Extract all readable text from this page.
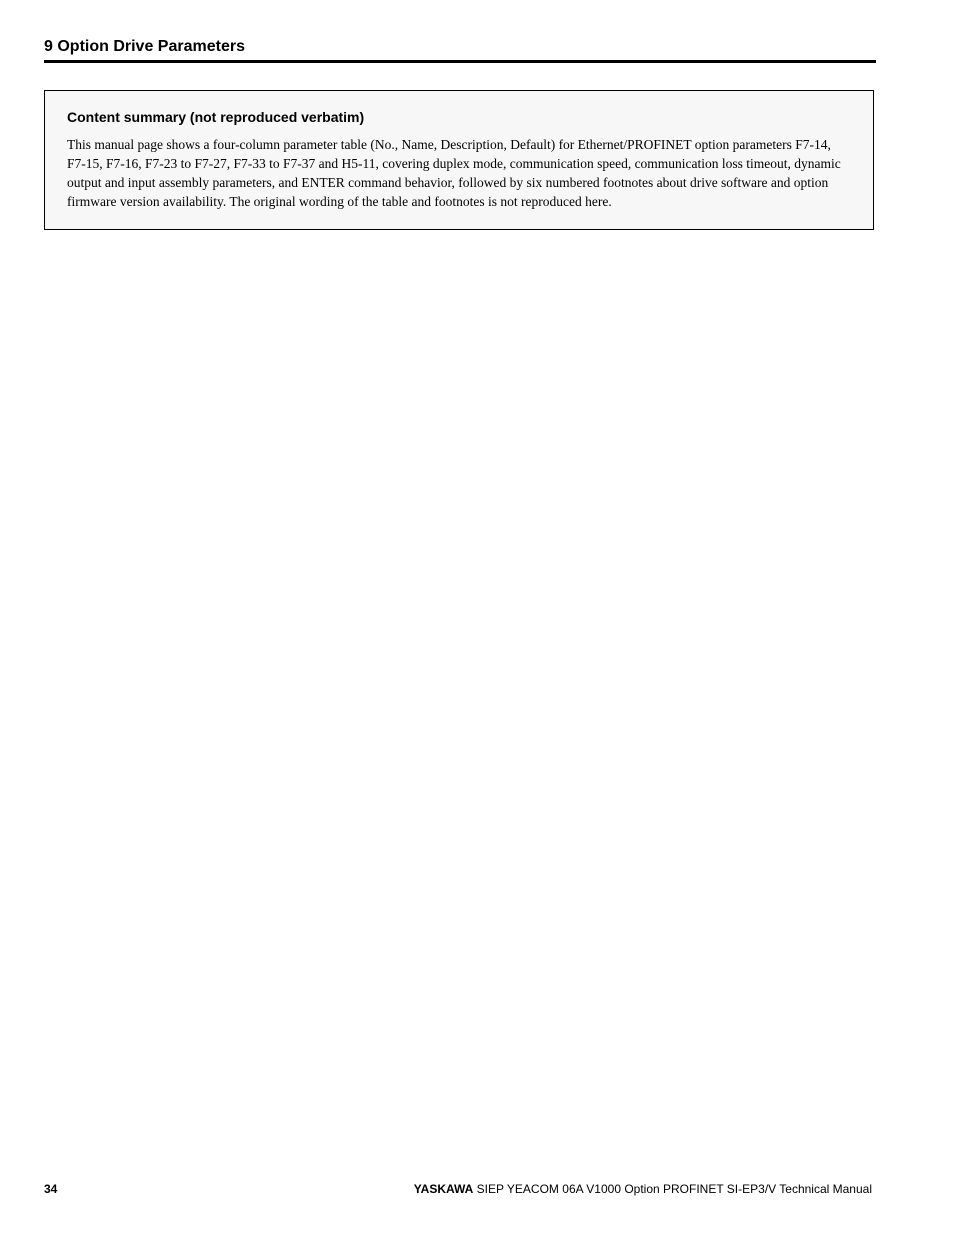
9 Option Drive Parameters
Content summary (not reproduced verbatim)
This manual page shows a four-column parameter table (No., Name, Description, Default) for Ethernet/PROFINET option parameters F7-14, F7-15, F7-16, F7-23 to F7-27, F7-33 to F7-37 and H5-11, covering duplex mode, communication speed, communication loss timeout, dynamic output and input assembly parameters, and ENTER command behavior, followed by six numbered footnotes about drive software and option firmware version availability. The original wording of the table and footnotes is not reproduced here.
34	YASKAWA SIEP YEACOM 06A V1000 Option PROFINET SI-EP3/V Technical Manual
